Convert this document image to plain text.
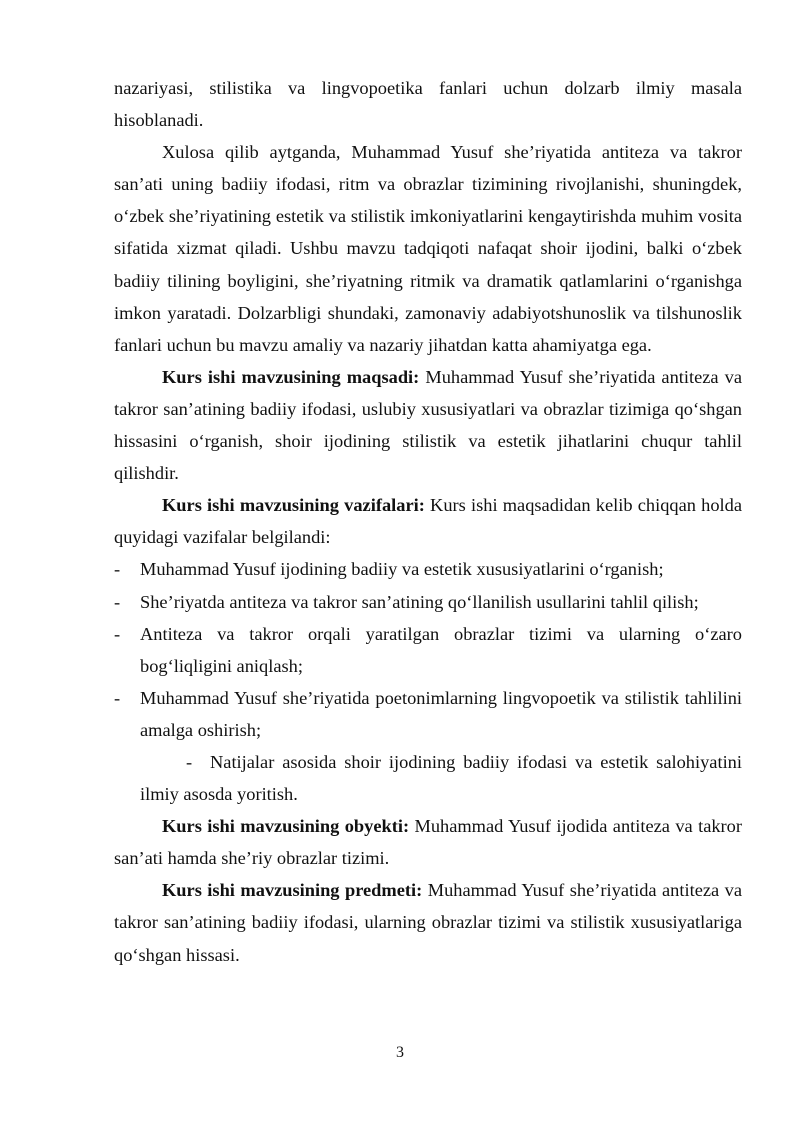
nazariyasi, stilistika va lingvopoetika fanlari uchun dolzarb ilmiy masala hisoblanadi.

Xulosa qilib aytganda, Muhammad Yusuf she’riyatida antiteza va takror san’ati uning badiiy ifodasi, ritm va obrazlar tizimining rivojlanishi, shuningdek, o‘zbek she’riyatining estetik va stilistik imkoniyatlarini kengaytirishda muhim vosita sifatida xizmat qiladi. Ushbu mavzu tadqiqoti nafaqat shoir ijodini, balki o‘zbek badiiy tilining boyligini, she’riyatning ritmik va dramatik qatlamlarini o‘rganishga imkon yaratadi. Dolzarbligi shundaki, zamonaviy adabiyotshunoslik va tilshunoslik fanlari uchun bu mavzu amaliy va nazariy jihatdan katta ahamiyatga ega.

Kurs ishi mavzusining maqsadi: Muhammad Yusuf she’riyatida antiteza va takror san’atining badiiy ifodasi, uslubiy xususiyatlari va obrazlar tizimiga qo‘shgan hissasini o‘rganish, shoir ijodining stilistik va estetik jihatlarini chuqur tahlil qilishdir.

Kurs ishi mavzusining vazifalari: Kurs ishi maqsadidan kelib chiqqan holda quyidagi vazifalar belgilandi:

- Muhammad Yusuf ijodining badiiy va estetik xususiyatlarini o‘rganish;
- She’riyatda antiteza va takror san’atining qo‘llanilish usullarini tahlil qilish;
- Antiteza va takror orqali yaratilgan obrazlar tizimi va ularning o‘zaro bog‘liqligini aniqlash;
- Muhammad Yusuf she’riyatida poetonimlarning lingvopoetik va stilistik tahlilini amalga oshirish;

- Natijalar asosida shoir ijodining badiiy ifodasi va estetik salohiyatini ilmiy asosda yoritish.

Kurs ishi mavzusining obyekti: Muhammad Yusuf ijodida antiteza va takror san’ati hamda she’riy obrazlar tizimi.

Kurs ishi mavzusining predmeti: Muhammad Yusuf she’riyatida antiteza va takror san’atining badiiy ifodasi, ularning obrazlar tizimi va stilistik xususiyatlariga qo‘shgan hissasi.

3
